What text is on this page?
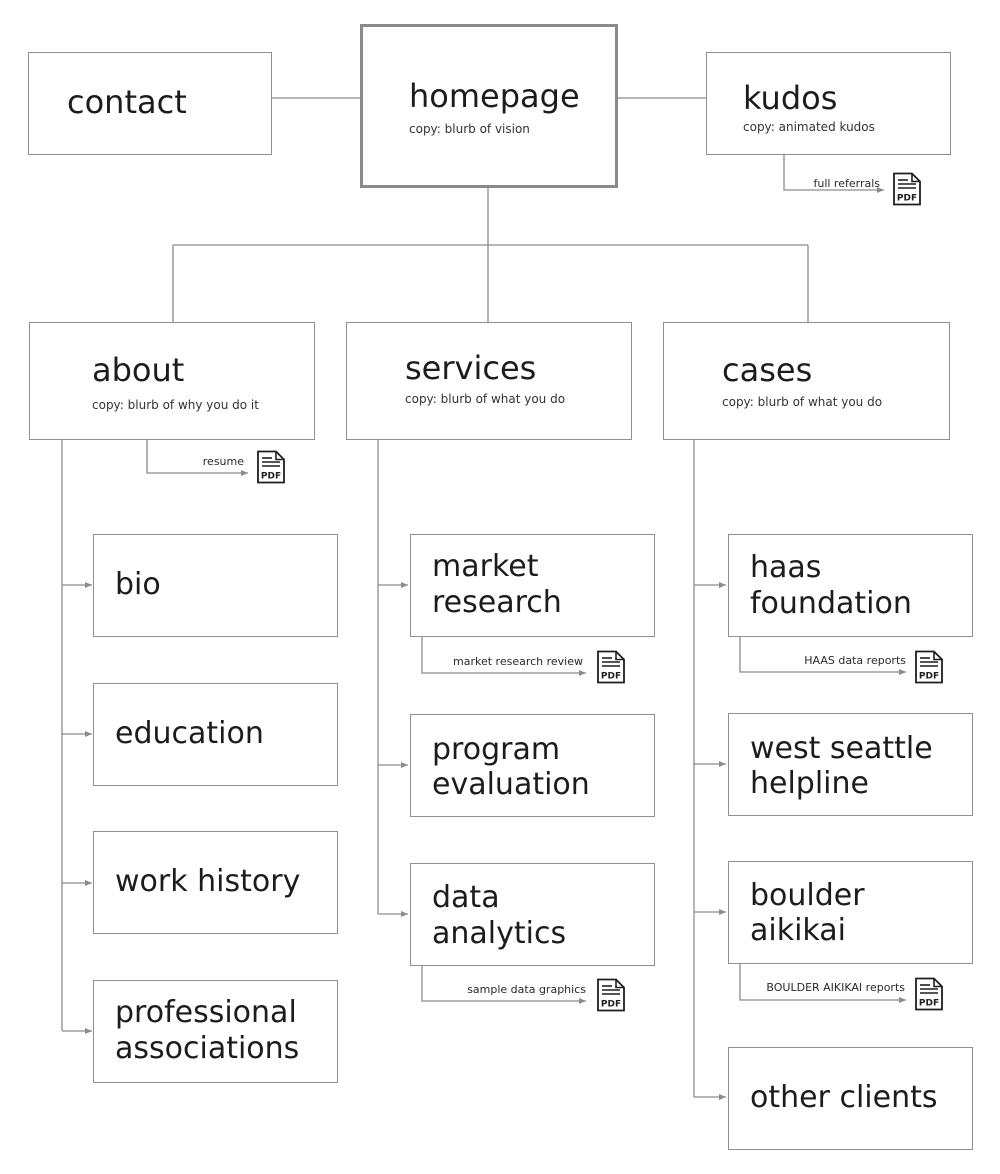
contact	homepage
copy: blurb of vision
kudos
copy: animated kudos
full referrals
PDF
about
copy: blurb of why you do it
resume
PDF
bio
education
work history
professional
associations
services
copy: blurb of what you do
market
research
market research review
PDF
program
evaluation
data
analytics
sample data graphics
PDF
cases
copy: blurb of what you do
haas
foundation
HAAS data reports
PDF
west seattle
helpline
boulder
aikikai
BOULDER AIKIKAI reports
PDF
other clients
